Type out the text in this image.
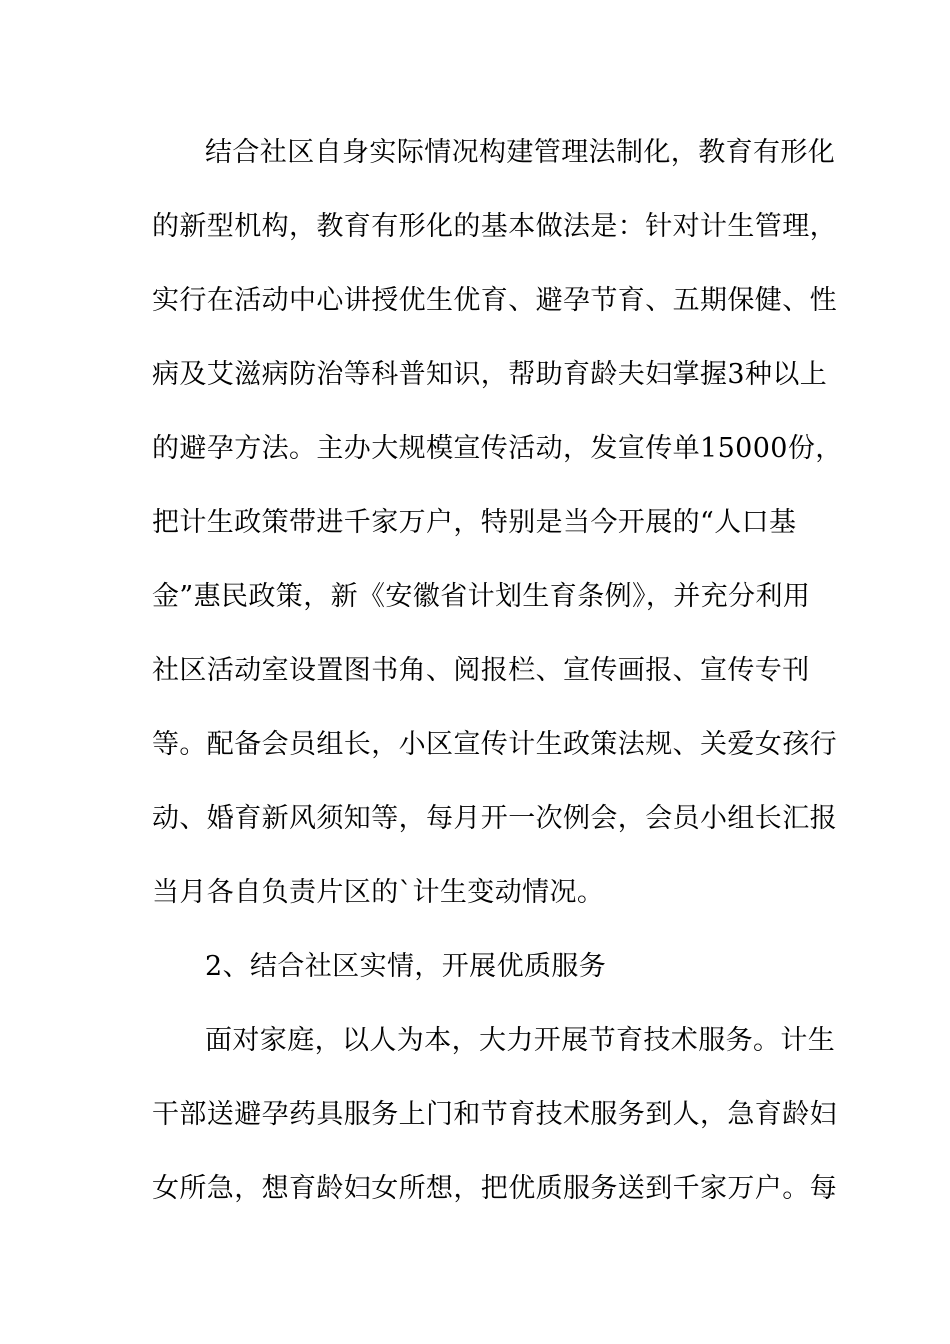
结合社区自身实际情况构建管理法制化，教育有形化
的新型机构，教育有形化的基本做法是：针对计生管理，
实行在活动中心讲授优生优育、避孕节育、五期保健、性
病及艾滋病防治等科普知识，帮助育龄夫妇掌握3种以上
的避孕方法。主办大规模宣传活动，发宣传单15000份，
把计生政策带进千家万户，特别是当今开展的“人口基
金”惠民政策，新《安徽省计划生育条例》，并充分利用
社区活动室设置图书角、阅报栏、宣传画报、宣传专刊
等。配备会员组长，小区宣传计生政策法规、关爱女孩行
动、婚育新风须知等，每月开一次例会，会员小组长汇报
当月各自负责片区的`计生变动情况。
2、结合社区实情，开展优质服务
面对家庭，以人为本，大力开展节育技术服务。计生
干部送避孕药具服务上门和节育技术服务到人，急育龄妇
女所急，想育龄妇女所想，把优质服务送到千家万户。每
